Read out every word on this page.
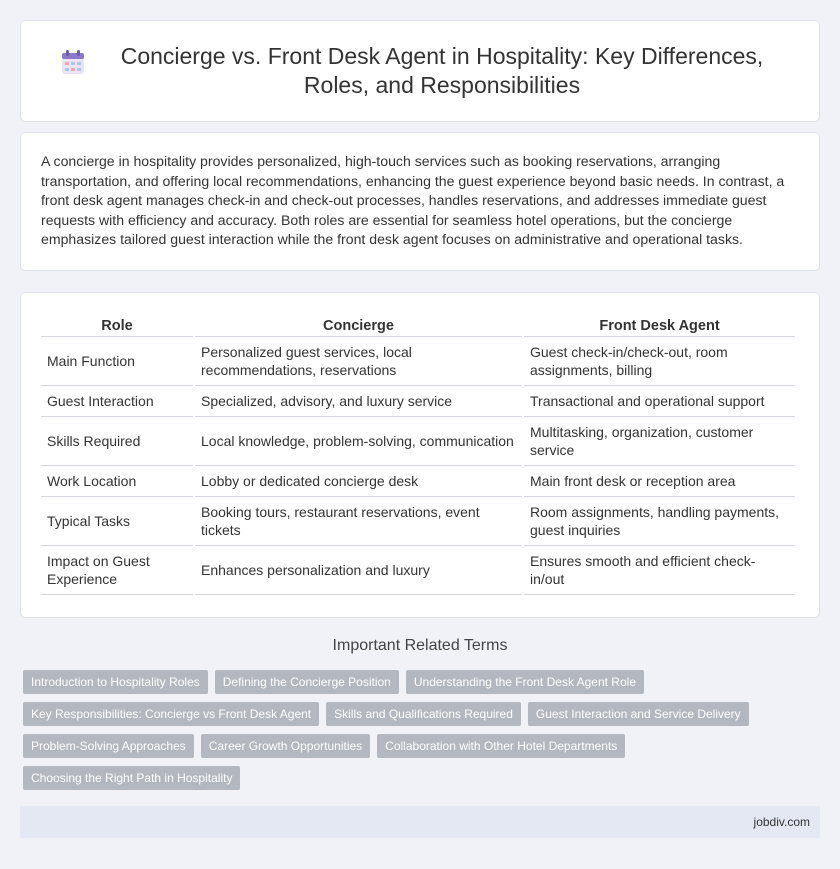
Concierge vs. Front Desk Agent in Hospitality: Key Differences, Roles, and Responsibilities

A concierge in hospitality provides personalized, high-touch services such as booking reservations, arranging transportation, and offering local recommendations, enhancing the guest experience beyond basic needs. In contrast, a front desk agent manages check-in and check-out processes, handles reservations, and addresses immediate guest requests with efficiency and accuracy. Both roles are essential for seamless hotel operations, but the concierge emphasizes tailored guest interaction while the front desk agent focuses on administrative and operational tasks.

Role	Concierge	Front Desk Agent
Main Function	Personalized guest services, local recommendations, reservations	Guest check-in/check-out, room assignments, billing
Guest Interaction	Specialized, advisory, and luxury service	Transactional and operational support
Skills Required	Local knowledge, problem-solving, communication	Multitasking, organization, customer service
Work Location	Lobby or dedicated concierge desk	Main front desk or reception area
Typical Tasks	Booking tours, restaurant reservations, event tickets	Room assignments, handling payments, guest inquiries
Impact on Guest Experience	Enhances personalization and luxury	Ensures smooth and efficient check-in/out
Important Related Terms
Introduction to Hospitality Roles	Defining the Concierge Position	Understanding the Front Desk Agent Role
Key Responsibilities: Concierge vs Front Desk Agent	Skills and Qualifications Required	Guest Interaction and Service Delivery
Problem-Solving Approaches	Career Growth Opportunities	Collaboration with Other Hotel Departments
Choosing the Right Path in Hospitality
jobdiv.com
